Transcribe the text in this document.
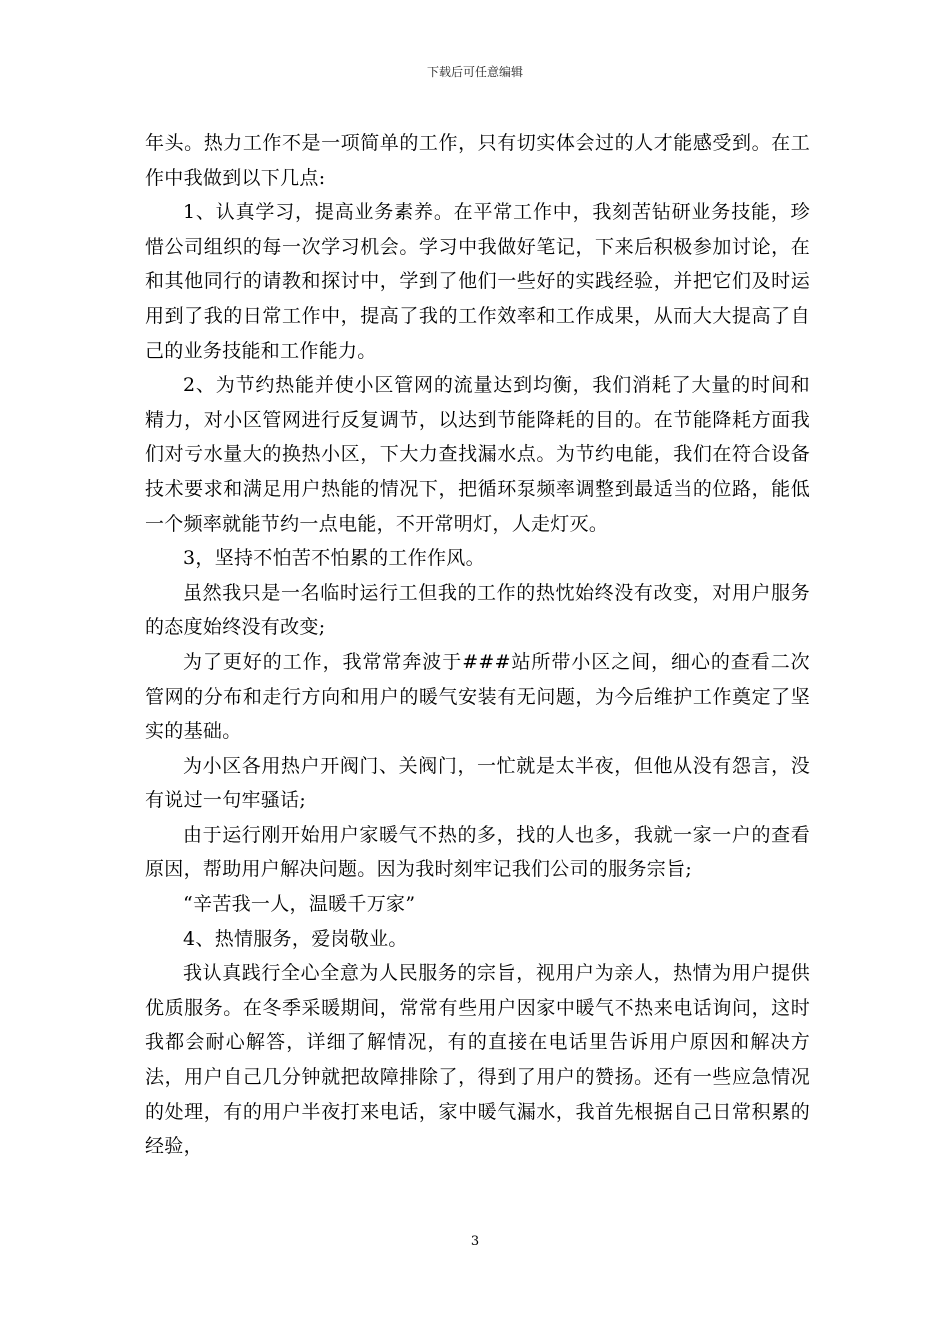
下载后可任意编辑

年头。热力工作不是一项简单的工作，只有切实体会过的人才能感受到。在工作中我做到以下几点:

1、认真学习，提高业务素养。在平常工作中，我刻苦钻研业务技能，珍惜公司组织的每一次学习机会。学习中我做好笔记，下来后积极参加讨论，在和其他同行的请教和探讨中，学到了他们一些好的实践经验，并把它们及时运用到了我的日常工作中，提高了我的工作效率和工作成果，从而大大提高了自己的业务技能和工作能力。

2、为节约热能并使小区管网的流量达到均衡，我们消耗了大量的时间和精力，对小区管网进行反复调节，以达到节能降耗的目的。在节能降耗方面我们对亏水量大的换热小区，下大力查找漏水点。为节约电能，我们在符合设备技术要求和满足用户热能的情况下，把循环泵频率调整到最适当的位路，能低一个频率就能节约一点电能，不开常明灯，人走灯灭。

3，坚持不怕苦不怕累的工作作风。

虽然我只是一名临时运行工但我的工作的热忱始终没有改变，对用户服务的态度始终没有改变;

为了更好的工作，我常常奔波于###站所带小区之间，细心的查看二次管网的分布和走行方向和用户的暖气安装有无问题，为今后维护工作奠定了坚实的基础。

为小区各用热户开阀门、关阀门，一忙就是太半夜，但他从没有怨言，没有说过一句牢骚话;

由于运行刚开始用户家暖气不热的多，找的人也多，我就一家一户的查看原因，帮助用户解决问题。因为我时刻牢记我们公司的服务宗旨;

“辛苦我一人，温暖千万家”

4、热情服务，爱岗敬业。

我认真践行全心全意为人民服务的宗旨，视用户为亲人，热情为用户提供优质服务。在冬季采暖期间，常常有些用户因家中暖气不热来电话询问，这时我都会耐心解答，详细了解情况，有的直接在电话里告诉用户原因和解决方法，用户自己几分钟就把故障排除了，得到了用户的赞扬。还有一些应急情况的处理，有的用户半夜打来电话，家中暖气漏水，我首先根据自己日常积累的经验，

3
